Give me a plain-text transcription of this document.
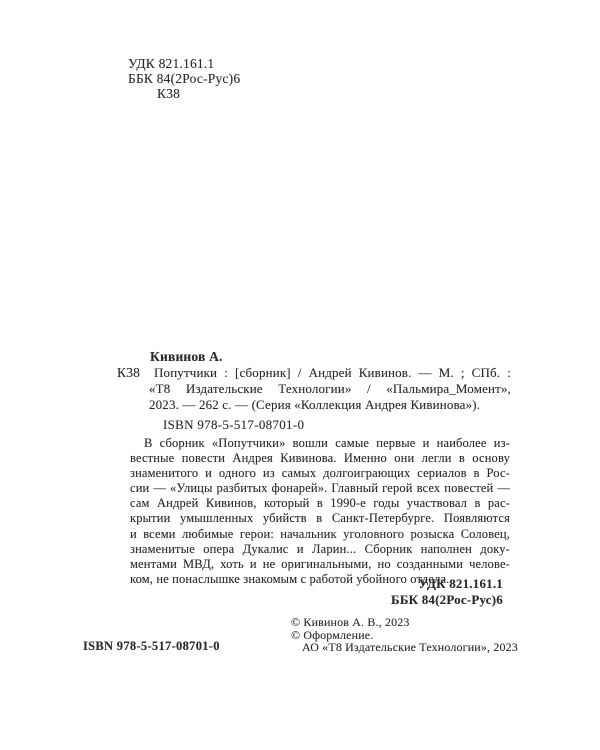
УДК 821.161.1
ББК 84(2Рос-Рус)6
К38
Кивинов А.
К38	Попутчики : [сборник] / Андрей Кивинов. — М. ; СПб. :
«Т8 Издательские Технологии» / «Пальмира_Момент»,
2023. — 262 с. — (Серия «Коллекция Андрея Кивинова»).
ISBN 978-5-517-08701-0
В сборник «Попутчики» вошли самые первые и наиболее из-
вестные повести Андрея Кивинова. Именно они легли в основу
знаменитого и одного из самых долгоиграющих сериалов в Рос-
сии — «Улицы разбитых фонарей». Главный герой всех повестей —
сам Андрей Кивинов, который в 1990-е годы участвовал в рас-
крытии умышленных убийств в Санкт-Петербурге. Появляются
и всеми любимые герои: начальник уголовного розыска Соловец,
знаменитые опера Дукалис и Ларин... Сборник наполнен доку-
ментами МВД, хоть и не оригинальными, но созданными челове-
ком, не понаслышке знакомым с работой убойного отдела.
УДК 821.161.1
ББК 84(2Рос-Рус)6
ISBN 978-5-517-08701-0
© Кивинов А. В., 2023
© Оформление.
АО «Т8 Издательские Технологии», 2023
